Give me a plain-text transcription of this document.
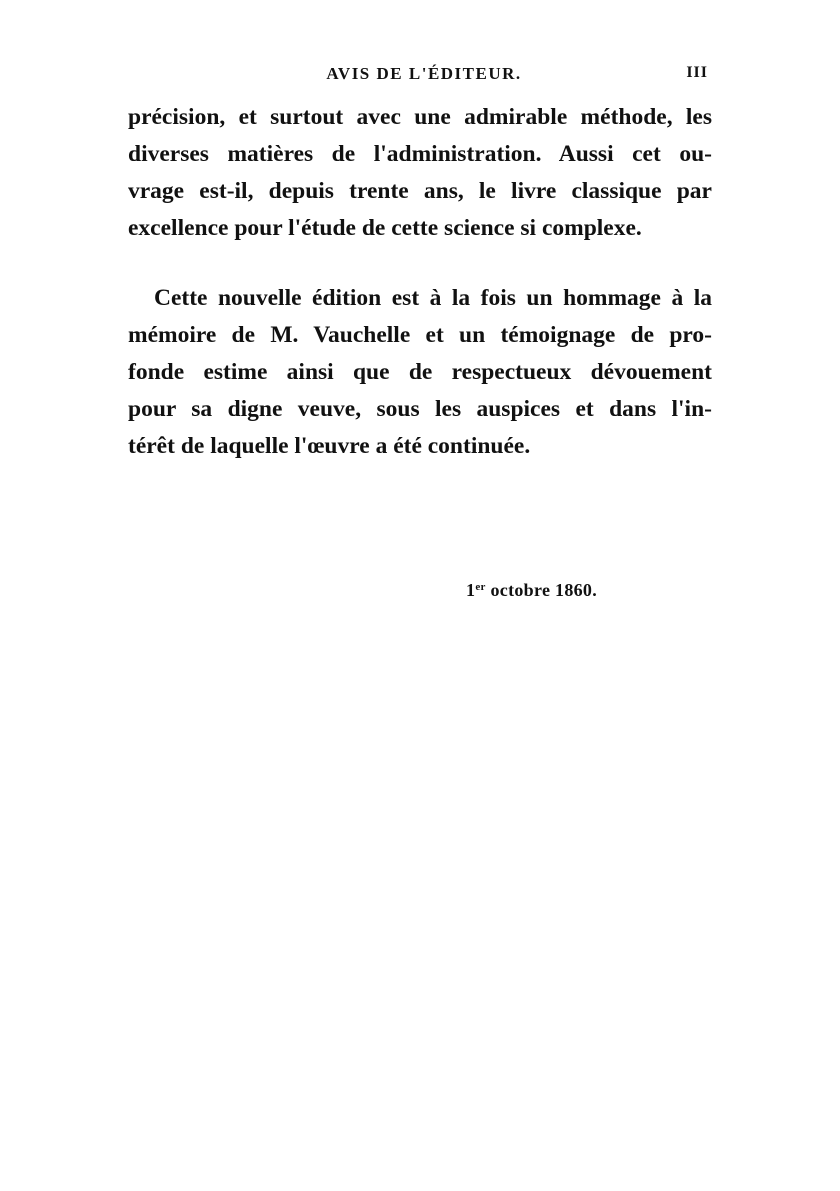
AVIS DE L'ÉDITEUR.	III
précision, et surtout avec une admirable méthode, les
diverses matières de l'administration. Aussi cet ou-
vrage est-il, depuis trente ans, le livre classique par
excellence pour l'étude de cette science si complexe.
Cette nouvelle édition est à la fois un hommage à la
mémoire de M. Vauchelle et un témoignage de pro-
fonde estime ainsi que de respectueux dévouement
pour sa digne veuve, sous les auspices et dans l'in-
térêt de laquelle l'œuvre a été continuée.
1er octobre 1860.
